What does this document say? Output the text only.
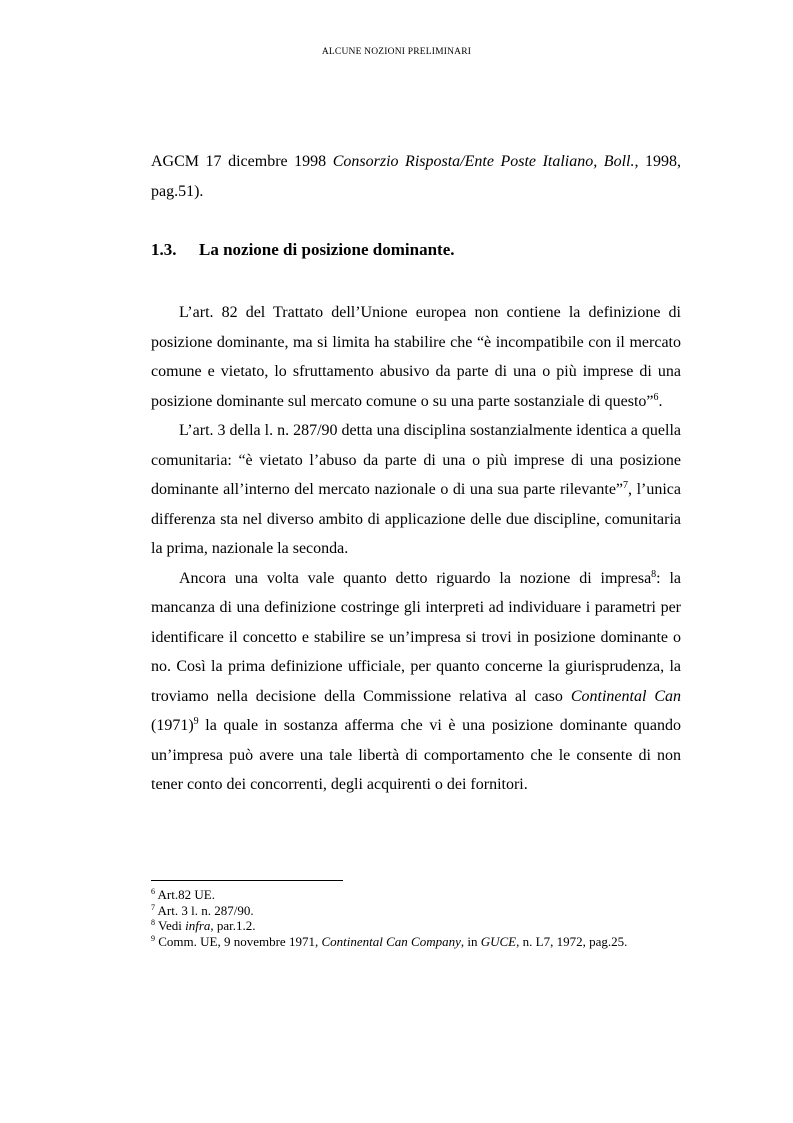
ALCUNE NOZIONI PRELIMINARI

AGCM 17 dicembre 1998 Consorzio Risposta/Ente Poste Italiano, Boll., 1998, pag.51).

1.3. La nozione di posizione dominante.

L’art. 82 del Trattato dell’Unione europea non contiene la definizione di posizione dominante, ma si limita ha stabilire che “è incompatibile con il mercato comune e vietato, lo sfruttamento abusivo da parte di una o più imprese di una posizione dominante sul mercato comune o su una parte sostanziale di questo”$^6$.

L’art. 3 della l. n. 287/90 detta una disciplina sostanzialmente identica a quella comunitaria: “è vietato l’abuso da parte di una o più imprese di una posizione dominante all’interno del mercato nazionale o di una sua parte rilevante”$^7$, l’unica differenza sta nel diverso ambito di applicazione delle due discipline, comunitaria la prima, nazionale la seconda.

Ancora una volta vale quanto detto riguardo la nozione di impresa$^8$: la mancanza di una definizione costringe gli interpreti ad individuare i parametri per identificare il concetto e stabilire se un’impresa si trovi in posizione dominante o no. Così la prima definizione ufficiale, per quanto concerne la giurisprudenza, la troviamo nella decisione della Commissione relativa al caso Continental Can $(1971)^9$ la quale in sostanza afferma che vi è una posizione dominante quando un’impresa può avere una tale libertà di comportamento che le consente di non tener conto dei concorrenti, degli acquirenti o dei fornitori.

$^6$ Art.82 UE.

$^7$ Art. 3 l. n. 287/90.

$^8$ Vedi infra, par.1.2.

$^9$ Comm. UE, 9 novembre 1971, Continental Can Company, in GUCE, n. L7, 1972, pag.25.
